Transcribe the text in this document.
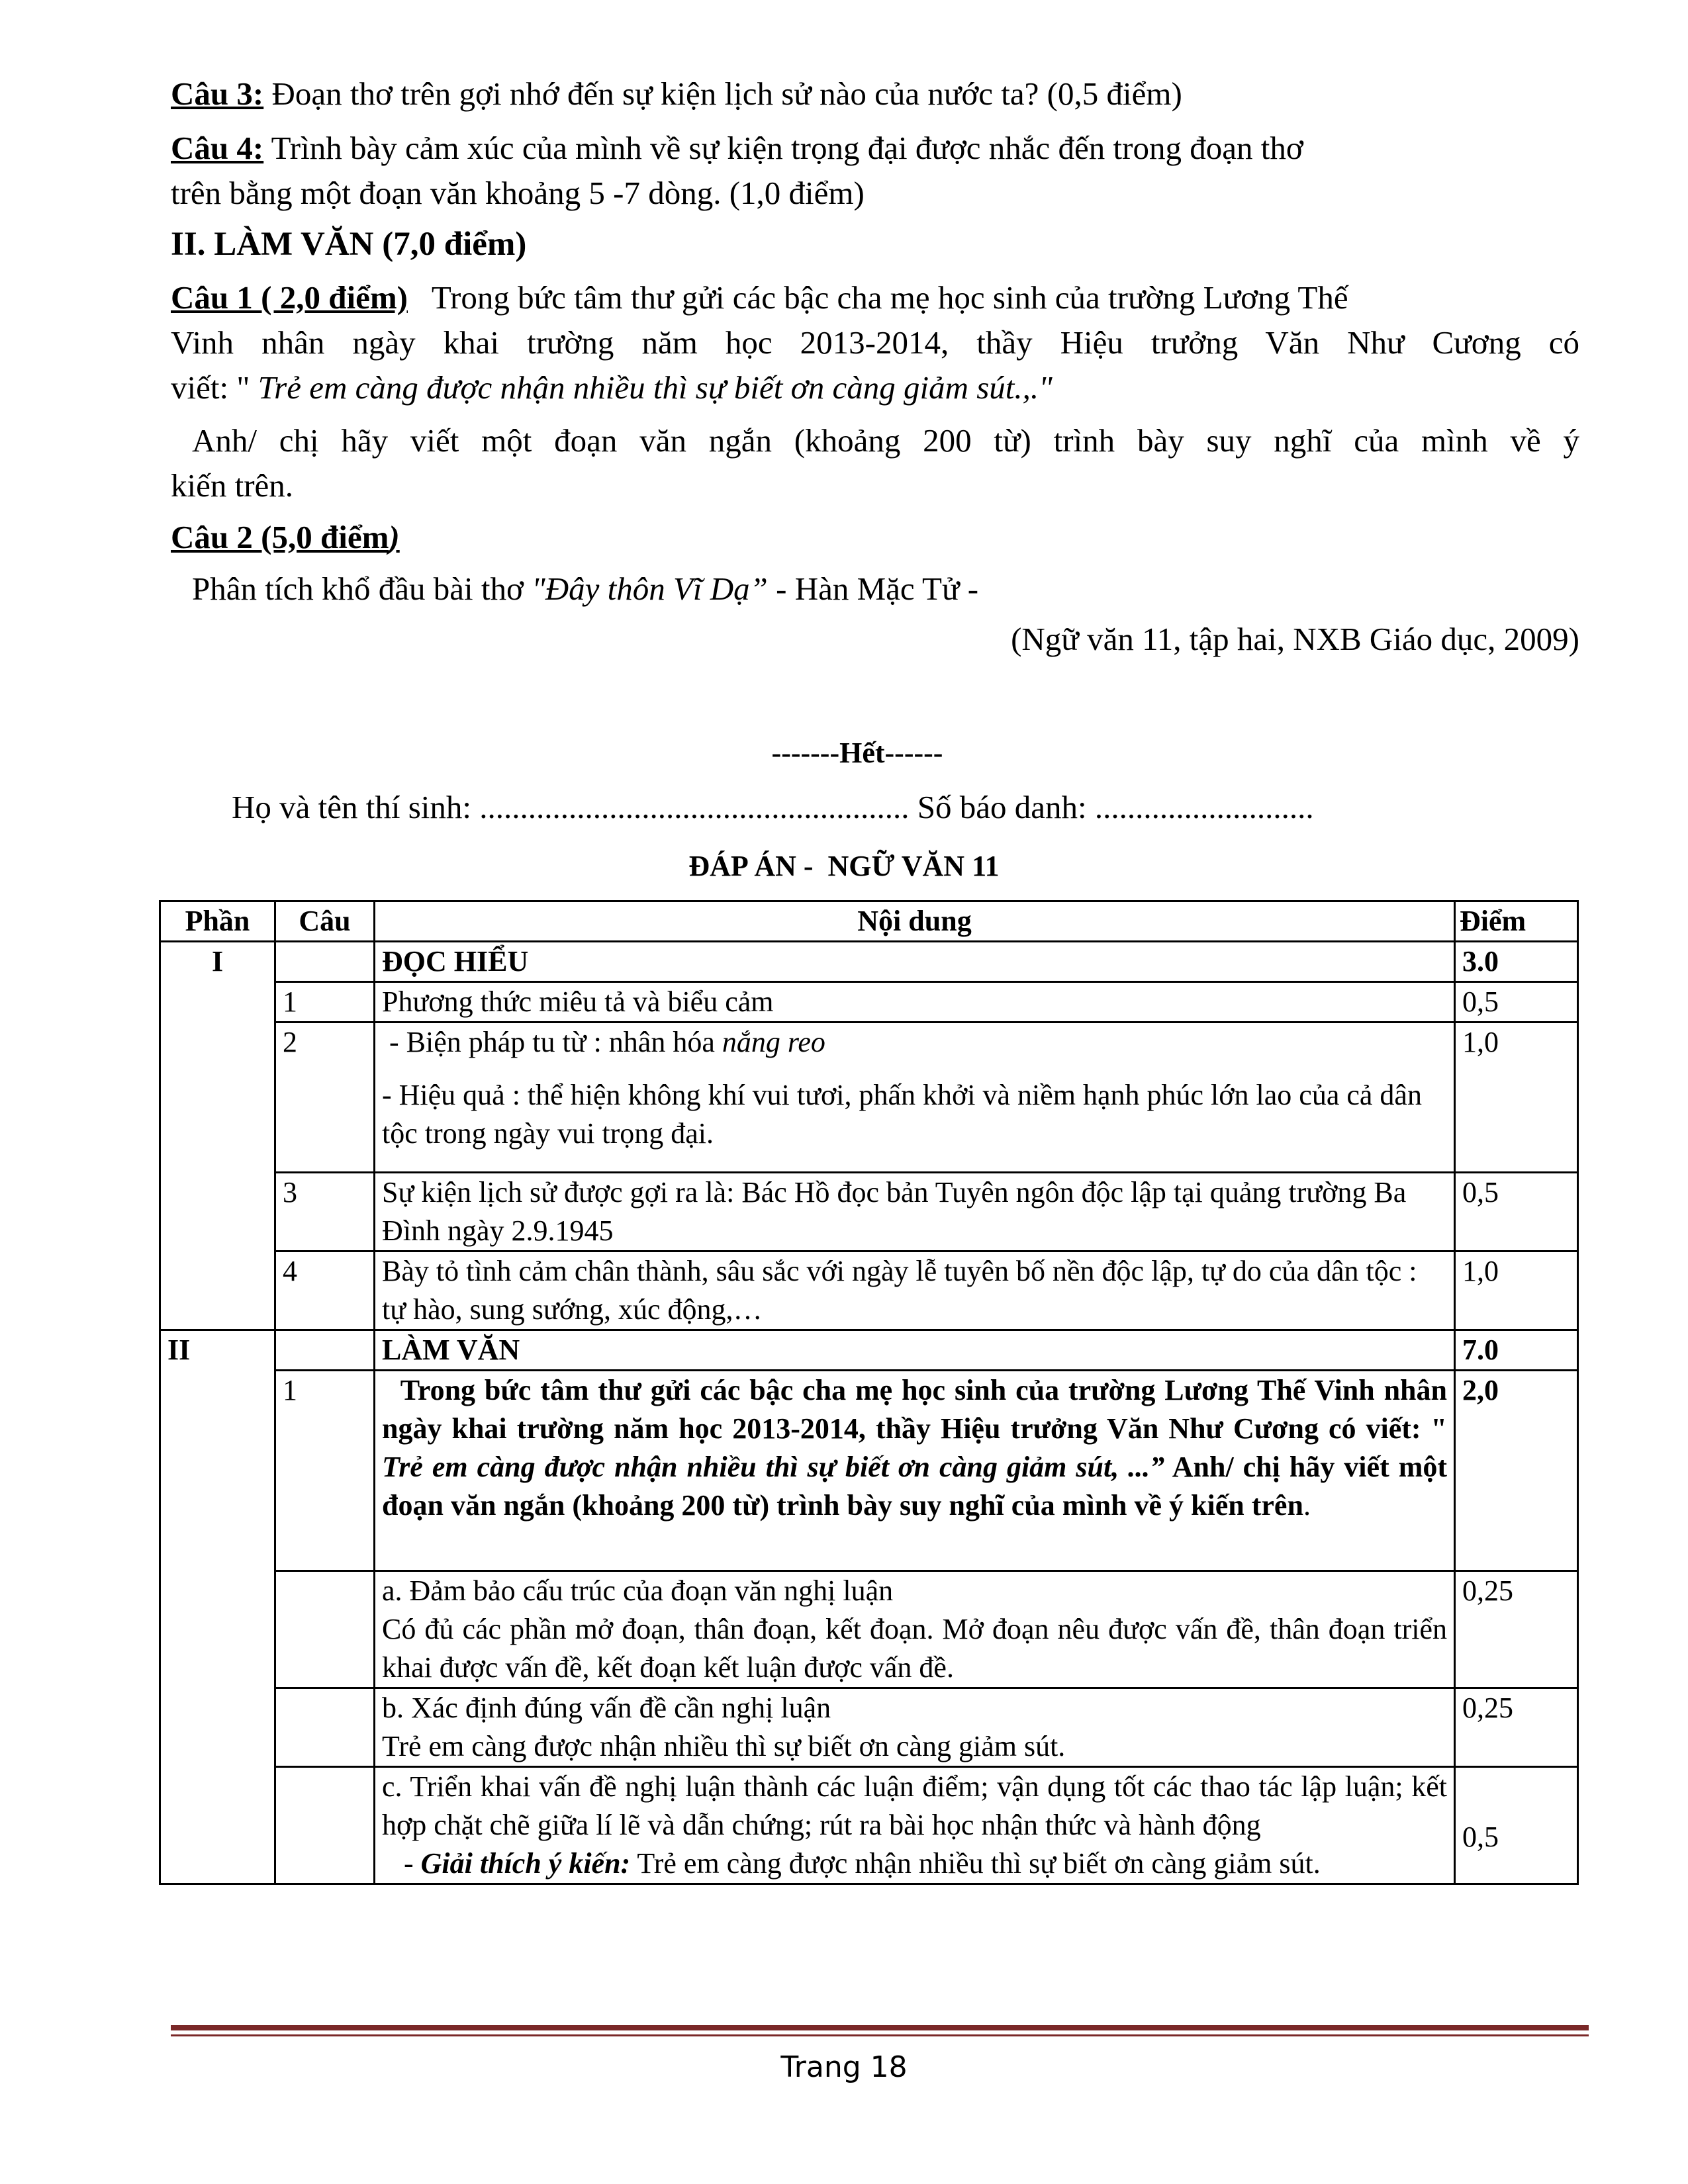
Câu 3: Đoạn thơ trên gợi nhớ đến sự kiện lịch sử nào của nước ta? (0,5 điểm)
Câu 4: Trình bày cảm xúc của mình về sự kiện trọng đại được nhắc đến trong đoạn thơ
trên bằng một đoạn văn khoảng 5 -7 dòng. (1,0 điểm)
II. LÀM VĂN (7,0 điểm)
Câu 1 ( 2,0 điểm)   Trong bức tâm thư gửi các bậc cha mẹ học sinh của trường Lương Thế
Vinh nhân ngày khai trường năm học 2013-2014, thầy Hiệu trưởng Văn Như Cương có
viết: " Trẻ em càng được nhận nhiều thì sự biết ơn càng giảm sút.,."
Anh/ chị hãy viết một đoạn văn ngắn (khoảng 200 từ) trình bày suy nghĩ của mình về ý
kiến trên.
Câu 2 (5,0 điểm)
Phân tích khổ đầu bài thơ "Đây thôn Vĩ Dạ” - Hàn Mặc Tử -
(Ngữ văn 11, tập hai, NXB Giáo dục, 2009)
-------Hết------
Họ và tên thí sinh: ..................................................... Số báo danh: ...........................
ĐÁP ÁN -  NGỮ VĂN 11
Phần	Câu	Nội dung	Điểm
I		ĐỌC HIỂU	3.0
	1	Phương thức miêu tả và biểu cảm	0,5
	2	- Biện pháp tu từ : nhân hóa nắng reo
- Hiệu quả : thể hiện không khí vui tươi, phấn khởi và niềm hạnh phúc lớn lao của cả dân tộc trong ngày vui trọng đại.	1,0
	3	Sự kiện lịch sử được gợi ra là: Bác Hồ đọc bản Tuyên ngôn độc lập tại quảng trường Ba Đình ngày 2.9.1945	0,5
	4	Bày tỏ tình cảm chân thành, sâu sắc với ngày lễ tuyên bố nền độc lập, tự do của dân tộc : tự hào, sung sướng, xúc động,…	1,0
II		LÀM VĂN	7.0
	1	Trong bức tâm thư gửi các bậc cha mẹ học sinh của trường Lương Thế Vinh nhân ngày khai trường năm học 2013-2014, thầy Hiệu trưởng Văn Như Cương có viết: " Trẻ em càng được nhận nhiều thì sự biết ơn càng giảm sút, ...” Anh/ chị hãy viết một đoạn văn ngắn (khoảng 200 từ) trình bày suy nghĩ của mình về ý kiến trên.	2,0

		a. Đảm bảo cấu trúc của đoạn văn nghị luận
Có đủ các phần mở đoạn, thân đoạn, kết đoạn. Mở đoạn nêu được vấn đề, thân đoạn triển khai được vấn đề, kết đoạn kết luận được vấn đề.	0,25

		b. Xác định đúng vấn đề cần nghị luận
Trẻ em càng được nhận nhiều thì sự biết ơn càng giảm sút.	0,25

		c. Triển khai vấn đề nghị luận thành các luận điểm; vận dụng tốt các thao tác lập luận; kết hợp chặt chẽ giữa lí lẽ và dẫn chứng; rút ra bài học nhận thức và hành động
- Giải thích ý kiến: Trẻ em càng được nhận nhiều thì sự biết ơn càng giảm sút.	0,5
Trang 18
